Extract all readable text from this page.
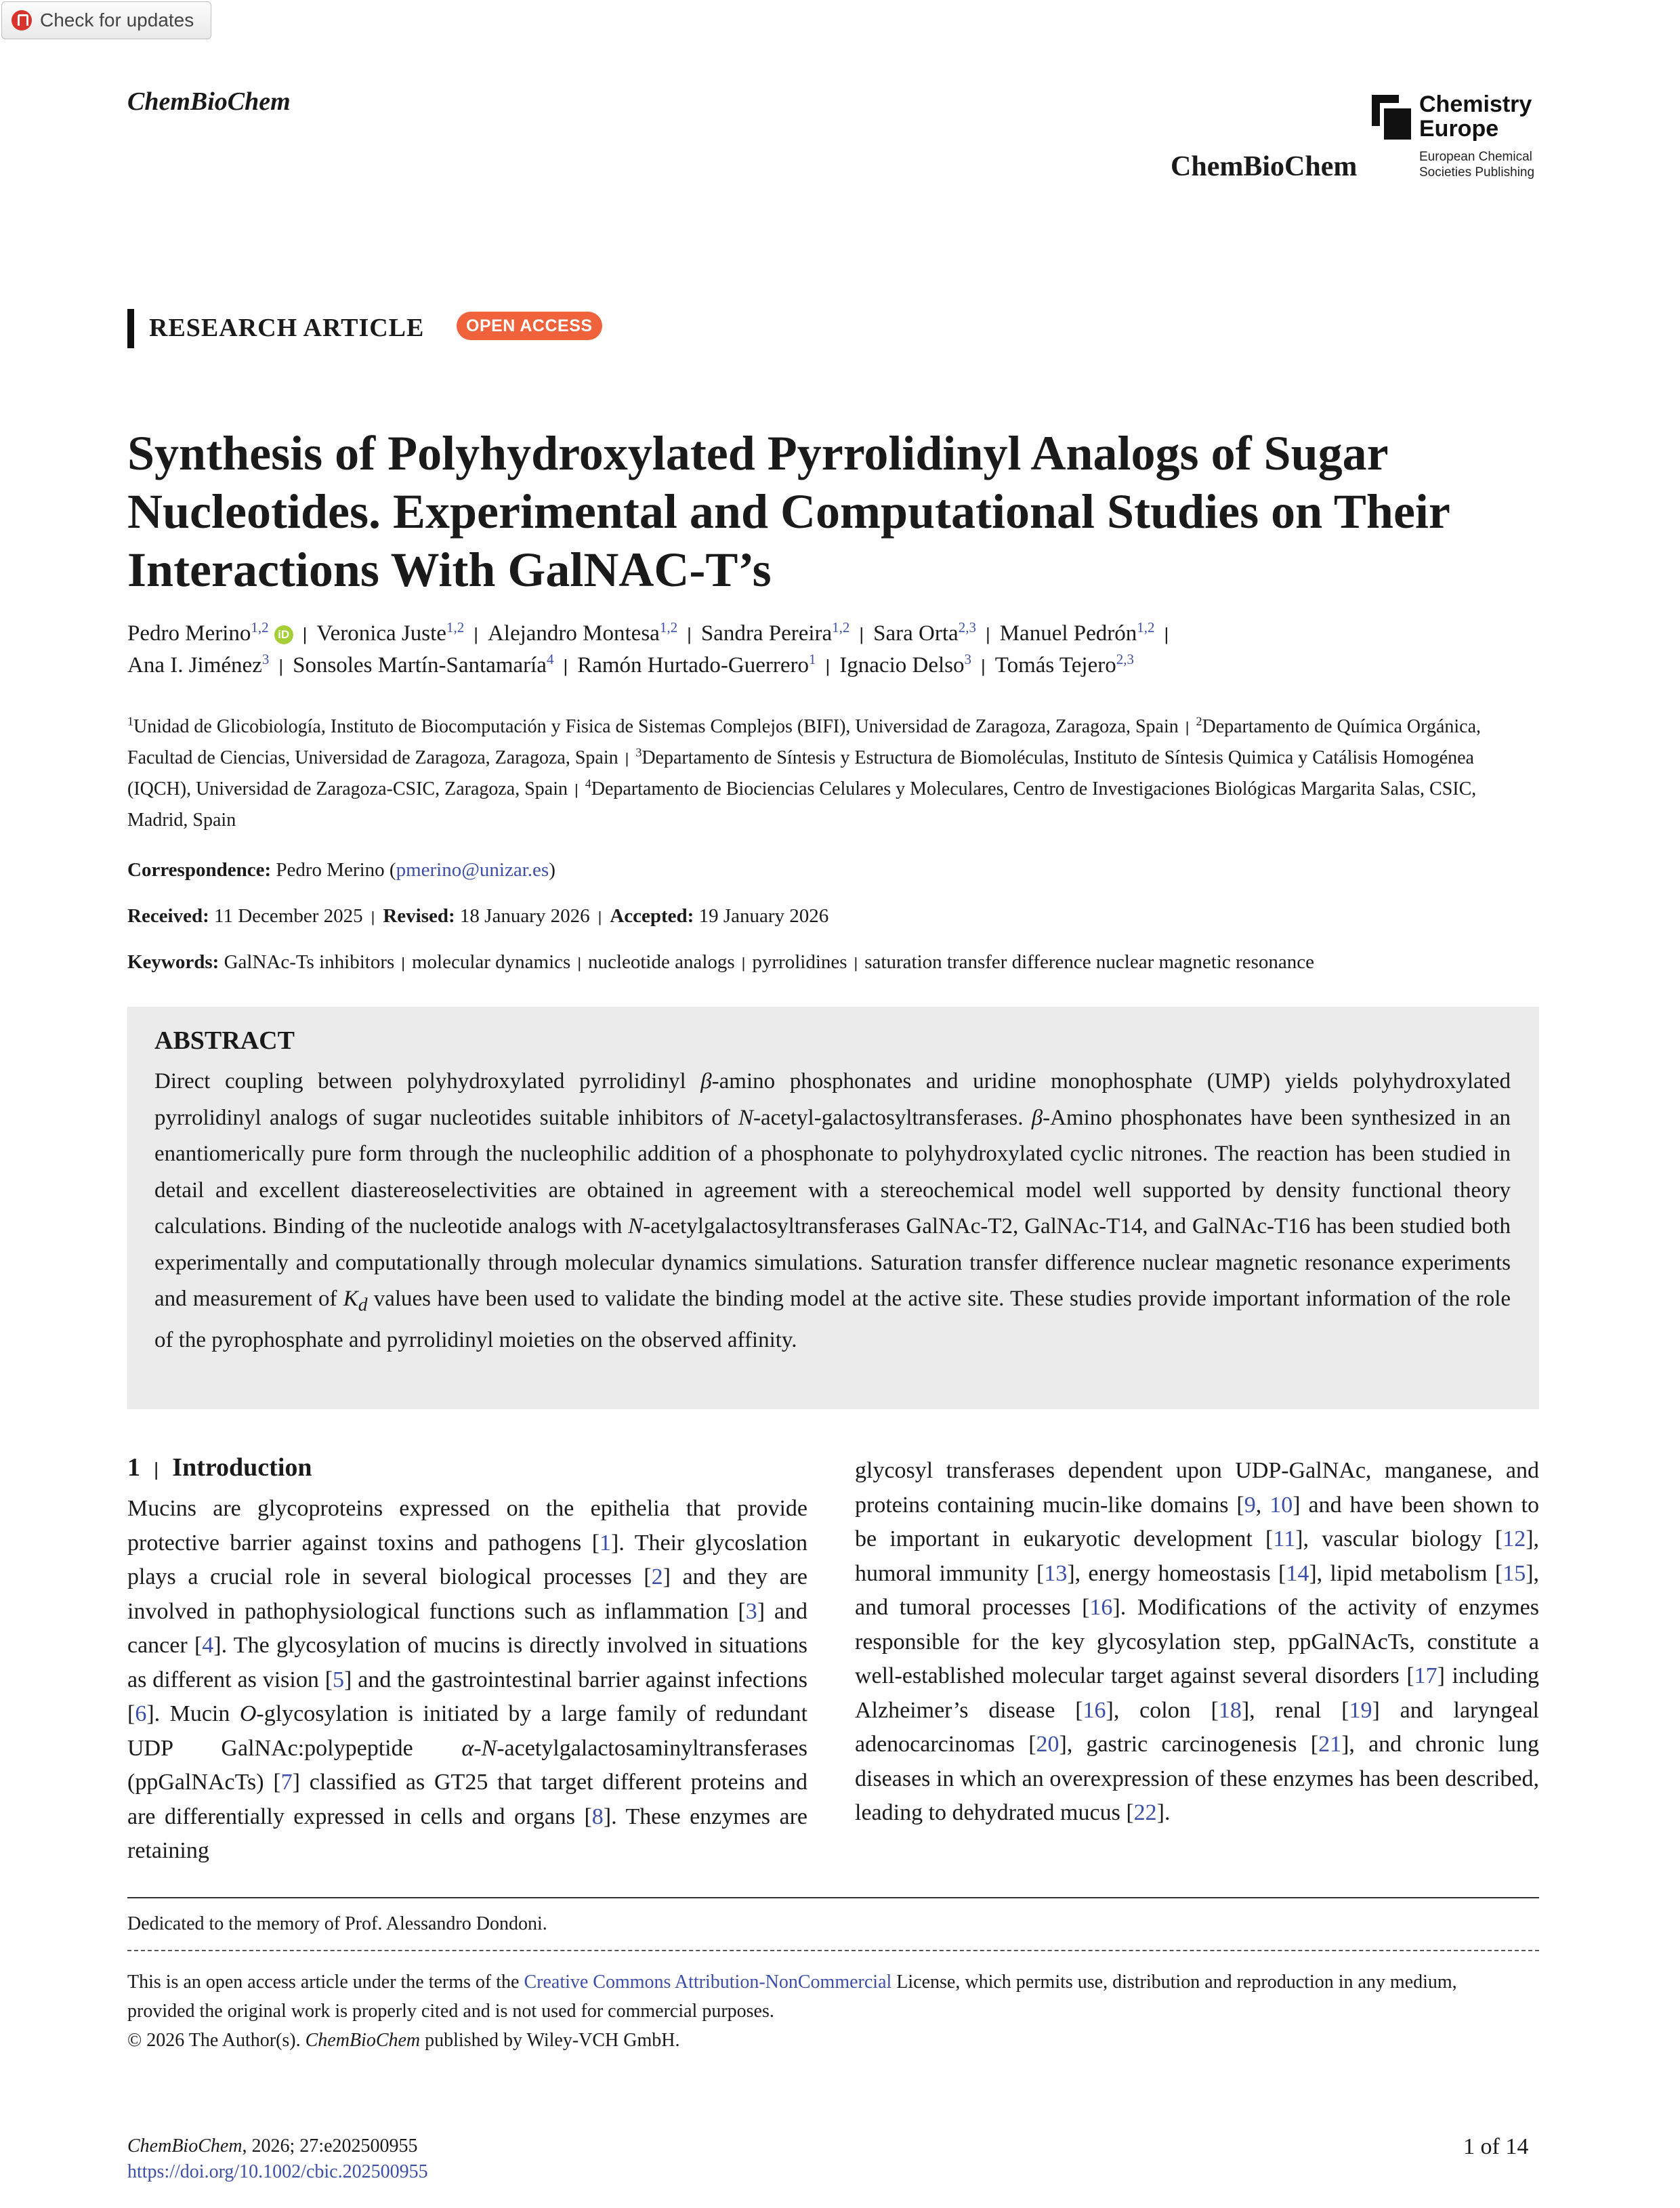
Check for updates
ChemBioChem	Chemistry
Europe
European Chemical
Societies Publishing
ChemBioChem
RESEARCH ARTICLE	OPEN ACCESS
Synthesis of Polyhydroxylated Pyrrolidinyl Analogs of Sugar Nucleotides. Experimental and Computational Studies on Their Interactions With GalNAC-T’s
Pedro Merino$^{1,2}$ iD | Veronica Juste$^{1,2}$ | Alejandro Montesa$^{1,2}$ | Sandra Pereira$^{1,2}$ | Sara Orta$^{2,3}$ | Manuel Pedrón$^{1,2}$ |
Ana I. Jiménez$^3$ | Sonsoles Martín-Santamaría$^4$ | Ramón Hurtado-Guerrero$^1$ | Ignacio Delso$^3$ | Tomás Tejero$^{2,3}$
$^1$Unidad de Glicobiología, Instituto de Biocomputación y Fisica de Sistemas Complejos (BIFI), Universidad de Zaragoza, Zaragoza, Spain | $^2$Departamento de Química Orgánica, Facultad de Ciencias, Universidad de Zaragoza, Zaragoza, Spain | $^3$Departamento de Síntesis y Estructura de Biomoléculas, Instituto de Síntesis Quimica y Catálisis Homogénea (IQCH), Universidad de Zaragoza-CSIC, Zaragoza, Spain | $^4$Departamento de Biociencias Celulares y Moleculares, Centro de Investigaciones Biológicas Margarita Salas, CSIC, Madrid, Spain
Correspondence: Pedro Merino (pmerino@unizar.es)
Received: 11 December 2025 | Revised: 18 January 2026 | Accepted: 19 January 2026
Keywords: GalNAc-Ts inhibitors | molecular dynamics | nucleotide analogs | pyrrolidines | saturation transfer difference nuclear magnetic resonance
ABSTRACT
Direct coupling between polyhydroxylated pyrrolidinyl β-amino phosphonates and uridine monophosphate (UMP) yields polyhydroxylated pyrrolidinyl analogs of sugar nucleotides suitable inhibitors of N-acetyl-galactosyltransferases. β-Amino phosphonates have been synthesized in an enantiomerically pure form through the nucleophilic addition of a phosphonate to polyhydroxylated cyclic nitrones. The reaction has been studied in detail and excellent diastereoselectivities are obtained in agreement with a stereochemical model well supported by density functional theory calculations. Binding of the nucleotide analogs with N-acetylgalactosyltransferases GalNAc-T2, GalNAc-T14, and GalNAc-T16 has been studied both experimentally and computationally through molecular dynamics simulations. Saturation transfer difference nuclear magnetic resonance experiments and measurement of $K_d$ values have been used to validate the binding model at the active site. These studies provide important information of the role of the pyrophosphate and pyrrolidinyl moieties on the observed affinity.
1 | Introduction
Mucins are glycoproteins expressed on the epithelia that provide protective barrier against toxins and pathogens [1]. Their glycoslation plays a crucial role in several biological processes [2] and they are involved in pathophysiological functions such as inflammation [3] and cancer [4]. The glycosylation of mucins is directly involved in situations as different as vision [5] and the gastrointestinal barrier against infections [6]. Mucin O-glycosylation is initiated by a large family of redundant UDP GalNAc:polypeptide α-N-acetylgalactosaminyltransferases (ppGalNAcTs) [7] classified as GT25 that target different proteins and are differentially expressed in cells and organs [8]. These enzymes are retaining
glycosyl transferases dependent upon UDP-GalNAc, manganese, and proteins containing mucin-like domains [9, 10] and have been shown to be important in eukaryotic development [11], vascular biology [12], humoral immunity [13], energy homeostasis [14], lipid metabolism [15], and tumoral processes [16]. Modifications of the activity of enzymes responsible for the key glycosylation step, ppGalNAcTs, constitute a well-established molecular target against several disorders [17] including Alzheimer’s disease [16], colon [18], renal [19] and laryngeal adenocarcinomas [20], gastric carcinogenesis [21], and chronic lung diseases in which an overexpression of these enzymes has been described, leading to dehydrated mucus [22].
Dedicated to the memory of Prof. Alessandro Dondoni.
This is an open access article under the terms of the Creative Commons Attribution-NonCommercial License, which permits use, distribution and reproduction in any medium, provided the original work is properly cited and is not used for commercial purposes.
© 2026 The Author(s). ChemBioChem published by Wiley-VCH GmbH.
ChemBioChem, 2026; 27:e202500955
https://doi.org/10.1002/cbic.202500955
1 of 14
